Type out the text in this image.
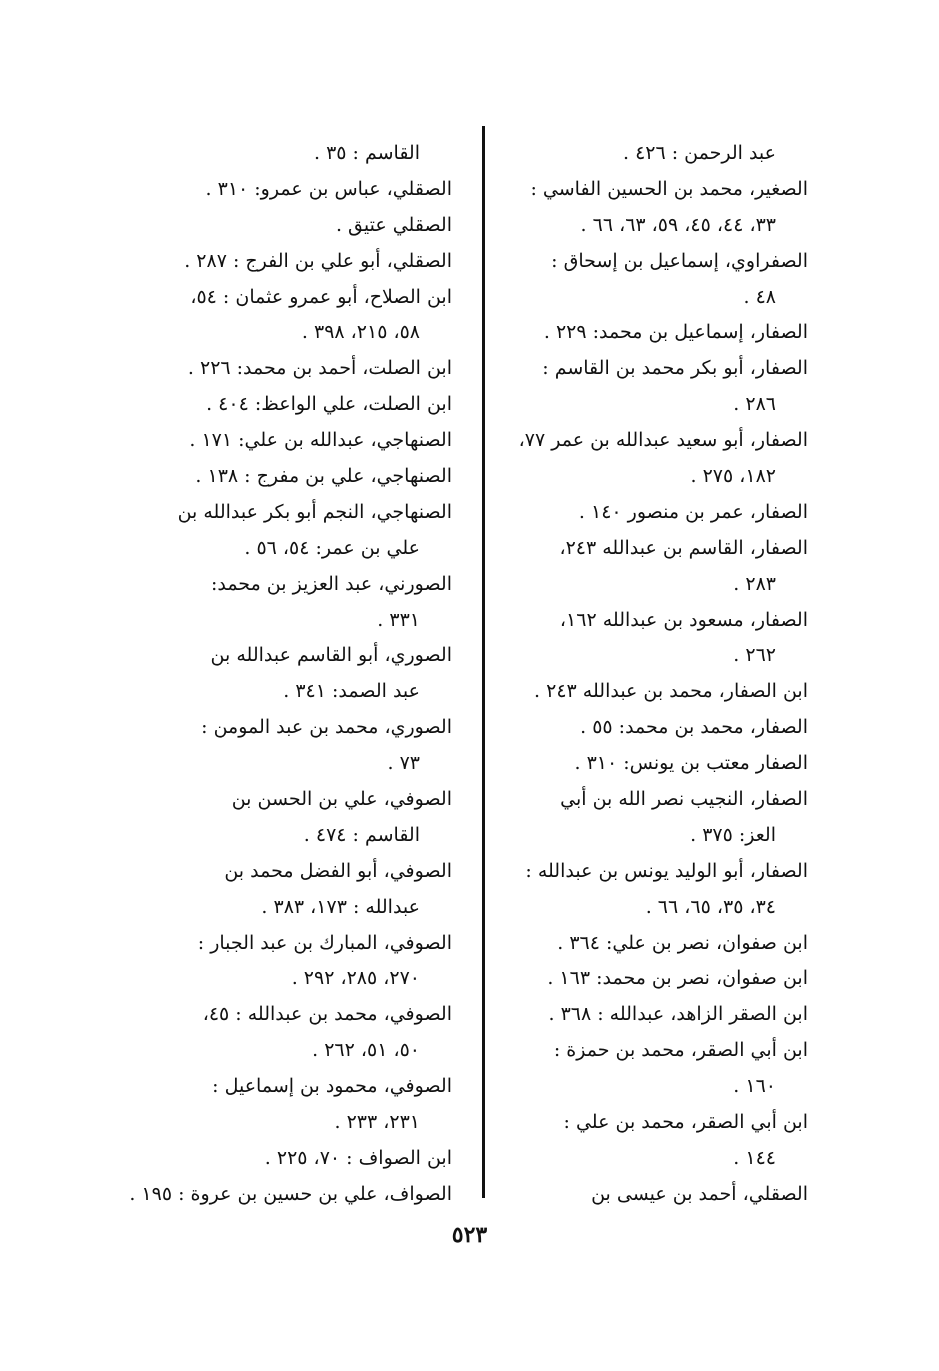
عبد الرحمن : ٤٢٦ .
الصغير، محمد بن الحسين الفاسي :
٣٣، ٤٤، ٤٥، ٥٩، ٦٣، ٦٦ .
الصفراوي، إسماعيل بن إسحاق :
٤٨ .
الصفار، إسماعيل بن محمد: ٢٢٩ .
الصفار، أبو بكر محمد بن القاسم :
٢٨٦ .
الصفار، أبو سعيد عبدالله بن عمر ٧٧،
١٨٢، ٢٧٥ .
الصفار، عمر بن منصور ١٤٠ .
الصفار، القاسم بن عبدالله ٢٤٣،
٢٨٣ .
الصفار، مسعود بن عبدالله ١٦٢،
٢٦٢ .
ابن الصفار، محمد بن عبدالله ٢٤٣ .
الصفار، محمد بن محمد: ٥٥ .
الصفار معتب بن يونس: ٣١٠ .
الصفار، النجيب نصر الله بن أبي
العز: ٣٧٥ .
الصفار، أبو الوليد يونس بن عبدالله :
٣٤، ٣٥، ٦٥، ٦٦ .
ابن صفوان، نصر بن علي: ٣٦٤ .
ابن صفوان، نصر بن محمد: ١٦٣ .
ابن الصقر الزاهد، عبدالله : ٣٦٨ .
ابن أبي الصقر، محمد بن حمزة :
١٦٠ .
ابن أبي الصقر، محمد بن علي :
١٤٤ .
الصقلي، أحمد بن عيسى بن
القاسم : ٣٥ .
الصقلي، عباس بن عمرو: ٣١٠ .
الصقلي عتيق .
الصقلي، أبو علي بن الفرج : ٢٨٧ .
ابن الصلاح، أبو عمرو عثمان : ٥٤،
٥٨، ٢١٥، ٣٩٨ .
ابن الصلت، أحمد بن محمد: ٢٢٦ .
ابن الصلت، علي الواعظ: ٤٠٤ .
الصنهاجي، عبدالله بن علي: ١٧١ .
الصنهاجي، علي بن مفرج : ١٣٨ .
الصنهاجي، النجم أبو بكر عبدالله بن
علي بن عمر: ٥٤، ٥٦ .
الصورني، عبد العزيز بن محمد:
٣٣١ .
الصوري، أبو القاسم عبدالله بن
عبد الصمد: ٣٤١ .
الصوري، محمد بن عبد المومن :
٧٣ .
الصوفي، علي بن الحسن بن
القاسم : ٤٧٤ .
الصوفي، أبو الفضل محمد بن
عبدالله : ١٧٣، ٣٨٣ .
الصوفي، المبارك بن عبد الجبار :
٢٧٠، ٢٨٥، ٢٩٢ .
الصوفي، محمد بن عبدالله : ٤٥،
٥٠، ٥١، ٢٦٢ .
الصوفي، محمود بن إسماعيل :
٢٣١، ٢٣٣ .
ابن الصواف : ٧٠، ٢٢٥ .
الصواف، علي بن حسين بن عروة : ١٩٥ .
٥٢٣
